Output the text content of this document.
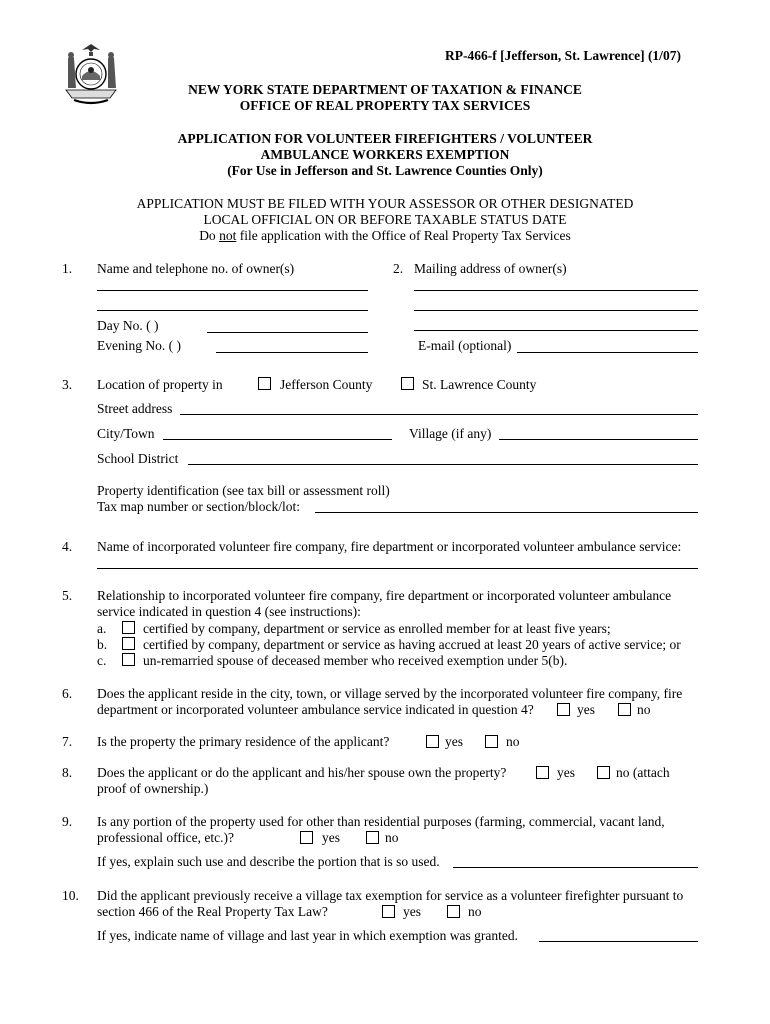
RP-466-f [Jefferson, St. Lawrence] (1/07)
NEW YORK STATE DEPARTMENT OF TAXATION & FINANCE
OFFICE OF REAL PROPERTY TAX SERVICES
APPLICATION FOR VOLUNTEER FIREFIGHTERS / VOLUNTEER
AMBULANCE WORKERS EXEMPTION
(For Use in Jefferson and St. Lawrence Counties Only)
APPLICATION MUST BE FILED WITH YOUR ASSESSOR OR OTHER DESIGNATED
LOCAL OFFICIAL ON OR BEFORE TAXABLE STATUS DATE
Do not file application with the Office of Real Property Tax Services
1. Name and telephone no. of owner(s)
Day No. ( )
Evening No. ( )
2. Mailing address of owner(s)
E-mail (optional)
3. Location of property in	Jefferson County	St. Lawrence County
Street address
City/Town	Village (if any)
School District
Property identification (see tax bill or assessment roll)
Tax map number or section/block/lot:
4. Name of incorporated volunteer fire company, fire department or incorporated volunteer ambulance service:
5. Relationship to incorporated volunteer fire company, fire department or incorporated volunteer ambulance
service indicated in question 4 (see instructions):
a.	certified by company, department or service as enrolled member for at least five years;
b.	certified by company, department or service as having accrued at least 20 years of active service; or
c.	un-remarried spouse of deceased member who received exemption under 5(b).
6. Does the applicant reside in the city, town, or village served by the incorporated volunteer fire company, fire
department or incorporated volunteer ambulance service indicated in question 4?	yes	no
7. Is the property the primary residence of the applicant?	yes	no
8. Does the applicant or do the applicant and his/her spouse own the property?	yes	no (attach
proof of ownership.)
9. Is any portion of the property used for other than residential purposes (farming, commercial, vacant land,
professional office, etc.)?	yes	no
If yes, explain such use and describe the portion that is so used.
10. Did the applicant previously receive a village tax exemption for service as a volunteer firefighter pursuant to
section 466 of the Real Property Tax Law?	yes	no
If yes, indicate name of village and last year in which exemption was granted.
